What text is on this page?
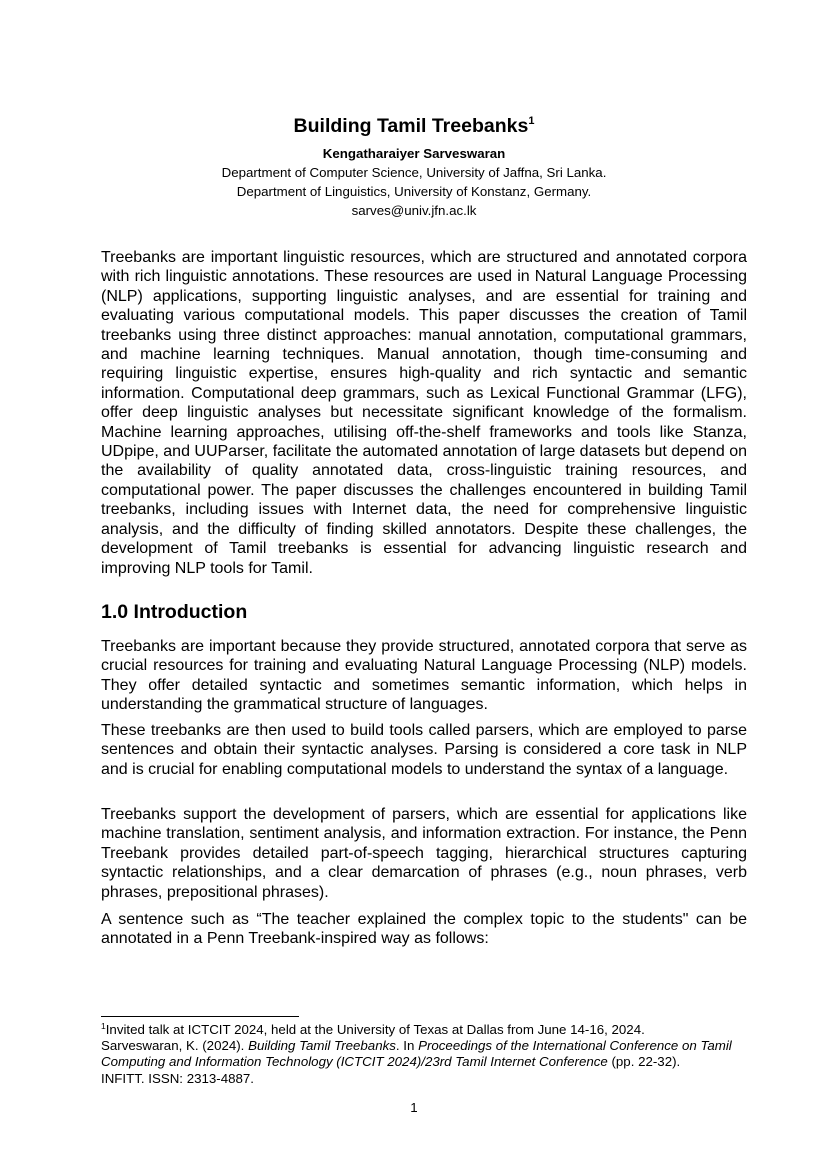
Building Tamil Treebanks$^1$
Kengatharaiyer Sarveswaran
Department of Computer Science, University of Jaffna, Sri Lanka.
Department of Linguistics, University of Konstanz, Germany.
sarves@univ.jfn.ac.lk

Treebanks are important linguistic resources, which are structured and annotated corpora with rich linguistic annotations. These resources are used in Natural Language Processing (NLP) applications, supporting linguistic analyses, and are essential for training and evaluating various computational models. This paper discusses the creation of Tamil treebanks using three distinct approaches: manual annotation, computational grammars, and machine learning techniques. Manual annotation, though time-consuming and requiring linguistic expertise, ensures high-quality and rich syntactic and semantic information. Computational deep grammars, such as Lexical Functional Grammar (LFG), offer deep linguistic analyses but necessitate significant knowledge of the formalism. Machine learning approaches, utilising off-the-shelf frameworks and tools like Stanza, UDpipe, and UUParser, facilitate the automated annotation of large datasets but depend on the availability of quality annotated data, cross-linguistic training resources, and computational power. The paper discusses the challenges encountered in building Tamil treebanks, including issues with Internet data, the need for comprehensive linguistic analysis, and the difficulty of finding skilled annotators. Despite these challenges, the development of Tamil treebanks is essential for advancing linguistic research and improving NLP tools for Tamil.

1.0 Introduction

Treebanks are important because they provide structured, annotated corpora that serve as crucial resources for training and evaluating Natural Language Processing (NLP) models. They offer detailed syntactic and sometimes semantic information, which helps in understanding the grammatical structure of languages.

These treebanks are then used to build tools called parsers, which are employed to parse sentences and obtain their syntactic analyses. Parsing is considered a core task in NLP and is crucial for enabling computational models to understand the syntax of a language.

Treebanks support the development of parsers, which are essential for applications like machine translation, sentiment analysis, and information extraction. For instance, the Penn Treebank provides detailed part-of-speech tagging, hierarchical structures capturing syntactic relationships, and a clear demarcation of phrases (e.g., noun phrases, verb phrases, prepositional phrases).

A sentence such as “The teacher explained the complex topic to the students" can be annotated in a Penn Treebank-inspired way as follows:

$^1$Invited talk at ICTCIT 2024, held at the University of Texas at Dallas from June 14-16, 2024.
Sarveswaran, K. (2024). Building Tamil Treebanks. In Proceedings of the International Conference on Tamil Computing and Information Technology (ICTCIT 2024)/23rd Tamil Internet Conference (pp. 22-32).
INFITT. ISSN: 2313-4887.

1
